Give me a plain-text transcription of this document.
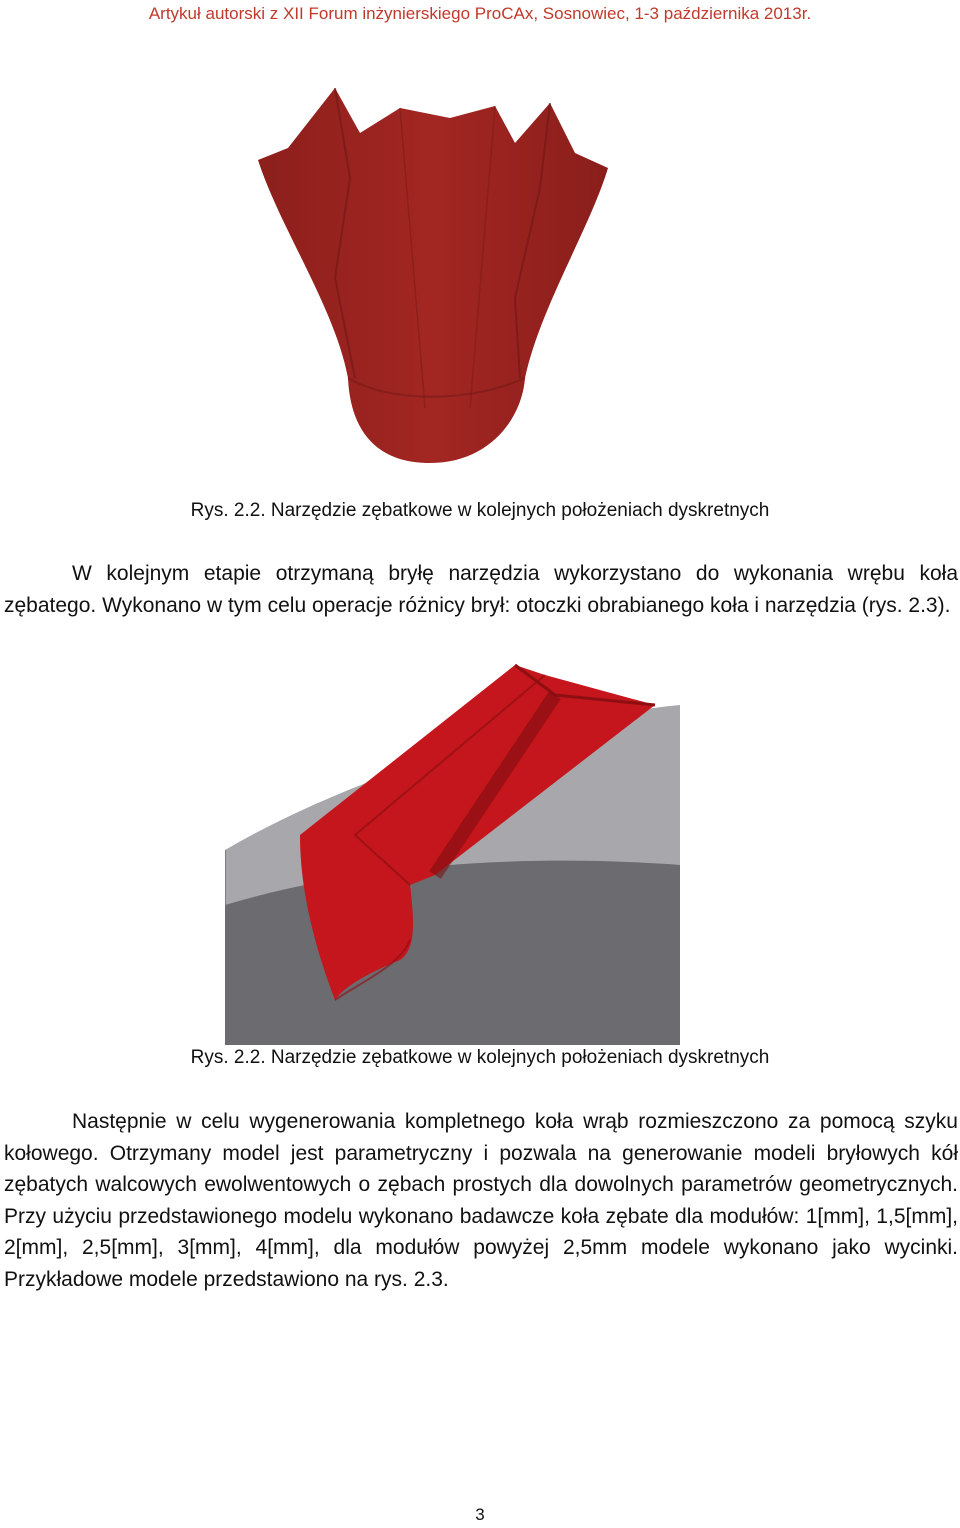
Artykuł autorski z XII Forum inżynierskiego ProCAx, Sosnowiec, 1-3 października 2013r.
Rys. 2.2. Narzędzie zębatkowe w kolejnych położeniach dyskretnych

W kolejnym etapie otrzymaną bryłę narzędzia wykorzystano do wykonania wrębu koła zębatego. Wykonano w tym celu operacje różnicy brył: otoczki obrabianego koła i narzędzia (rys. 2.3).

Rys. 2.2. Narzędzie zębatkowe w kolejnych położeniach dyskretnych

Następnie w celu wygenerowania kompletnego koła wrąb rozmieszczono za pomocą szyku kołowego. Otrzymany model jest parametryczny i pozwala na generowanie modeli bryłowych kół zębatych walcowych ewolwentowych o zębach prostych dla dowolnych parametrów geometrycznych. Przy użyciu przedstawionego modelu wykonano badawcze koła zębate dla modułów: 1[mm], 1,5[mm], 2[mm], 2,5[mm], 3[mm], 4[mm], dla modułów powyżej 2,5mm modele wykonano jako wycinki. Przykładowe modele przedstawiono na rys. 2.3.

3
